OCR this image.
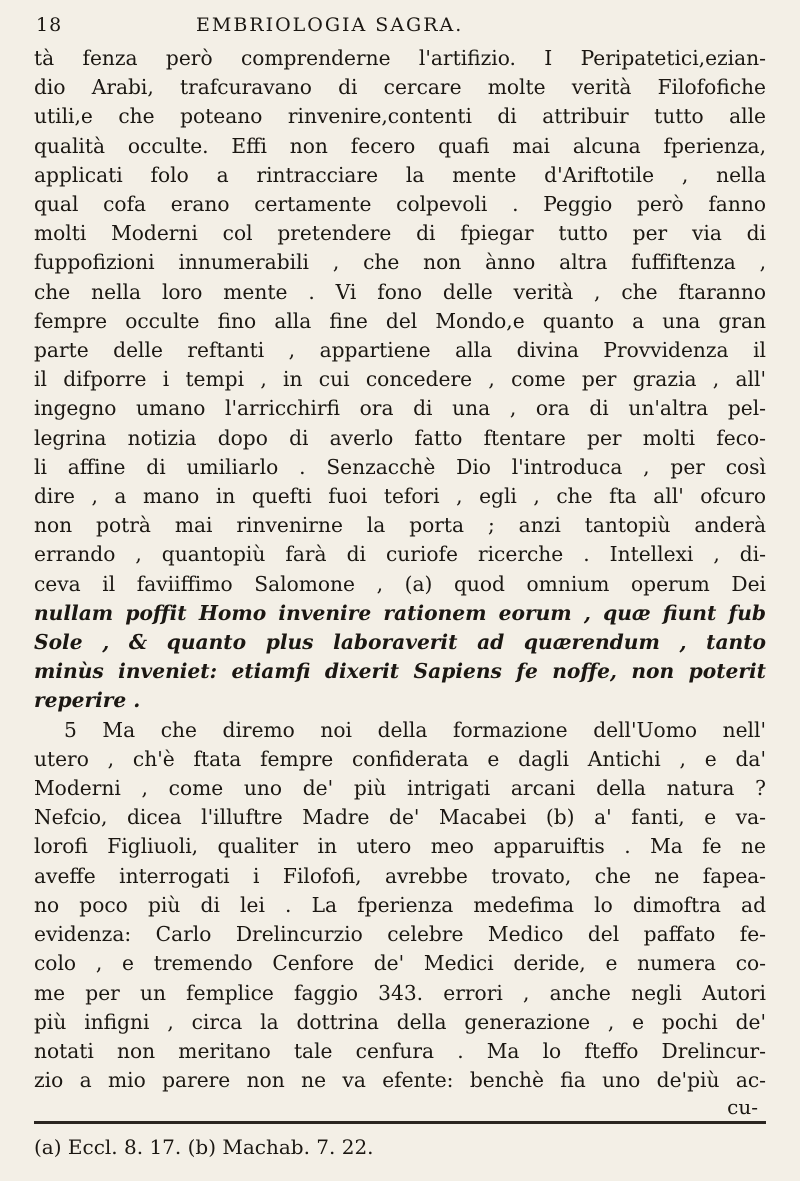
18	EMBRIOLOGIA SAGRA.
tà fenza però comprenderne l'artifizio. I Peripatetici,ezian-
dio Arabi, trafcuravano di cercare molte verità Filofofiche
utili,e che poteano rinvenire,contenti di attribuir tutto alle
qualità occulte. Effi non fecero quafi mai alcuna fperienza,
applicati folo a rintracciare la mente d'Ariftotile , nella
qual cofa erano certamente colpevoli . Peggio però fanno
molti Moderni col pretendere di fpiegar tutto per via di
fuppofizioni innumerabili , che non ànno altra fuffiftenza ,
che nella loro mente . Vi fono delle verità , che ftaranno
fempre occulte fino alla fine del Mondo,e quanto a una gran
parte delle reftanti , appartiene alla divina Provvidenza il
il difporre i tempi , in cui concedere , come per grazia , all'
ingegno umano l'arricchirfi ora di una , ora di un'altra pel-
legrina notizia dopo di averlo fatto ftentare per molti feco-
li affine di umiliarlo . Senzacchè Dio l'introduca , per così
dire , a mano in quefti fuoi tefori , egli , che fta all' ofcuro
non potrà mai rinvenirne la porta ; anzi tantopiù anderà
errando , quantopiù farà di curiofe ricerche . Intellexi , di-
ceva il faviiffimo Salomone , (a) quod omnium operum Dei
nullam poffit Homo invenire rationem eorum , quæ fiunt fub
Sole , & quanto plus laboraverit ad quærendum , tanto
minùs inveniet: etiamfi dixerit Sapiens fe noffe, non poterit
reperire .
5 Ma che diremo noi della formazione dell'Uomo nell'
utero , ch'è ftata fempre confiderata e dagli Antichi , e da'
Moderni , come uno de' più intrigati arcani della natura ?
Nefcio, dicea l'illuftre Madre de' Macabei (b) a' fanti, e va-
lorofi Figliuoli, qualiter in utero meo apparuiftis . Ma fe ne
aveffe interrogati i Filofofi, avrebbe trovato, che ne fapea-
no poco più di lei . La fperienza medefima lo dimoftra ad
evidenza: Carlo Drelincurzio celebre Medico del paffato fe-
colo , e tremendo Cenfore de' Medici deride, e numera co-
me per un femplice faggio 343. errori , anche negli Autori
più infigni , circa la dottrina della generazione , e pochi de'
notati non meritano tale cenfura . Ma lo fteffo Drelincur-
zio a mio parere non ne va efente: benchè fia uno de'più ac-
cu-
(a) Eccl. 8. 17. (b) Machab. 7. 22.
